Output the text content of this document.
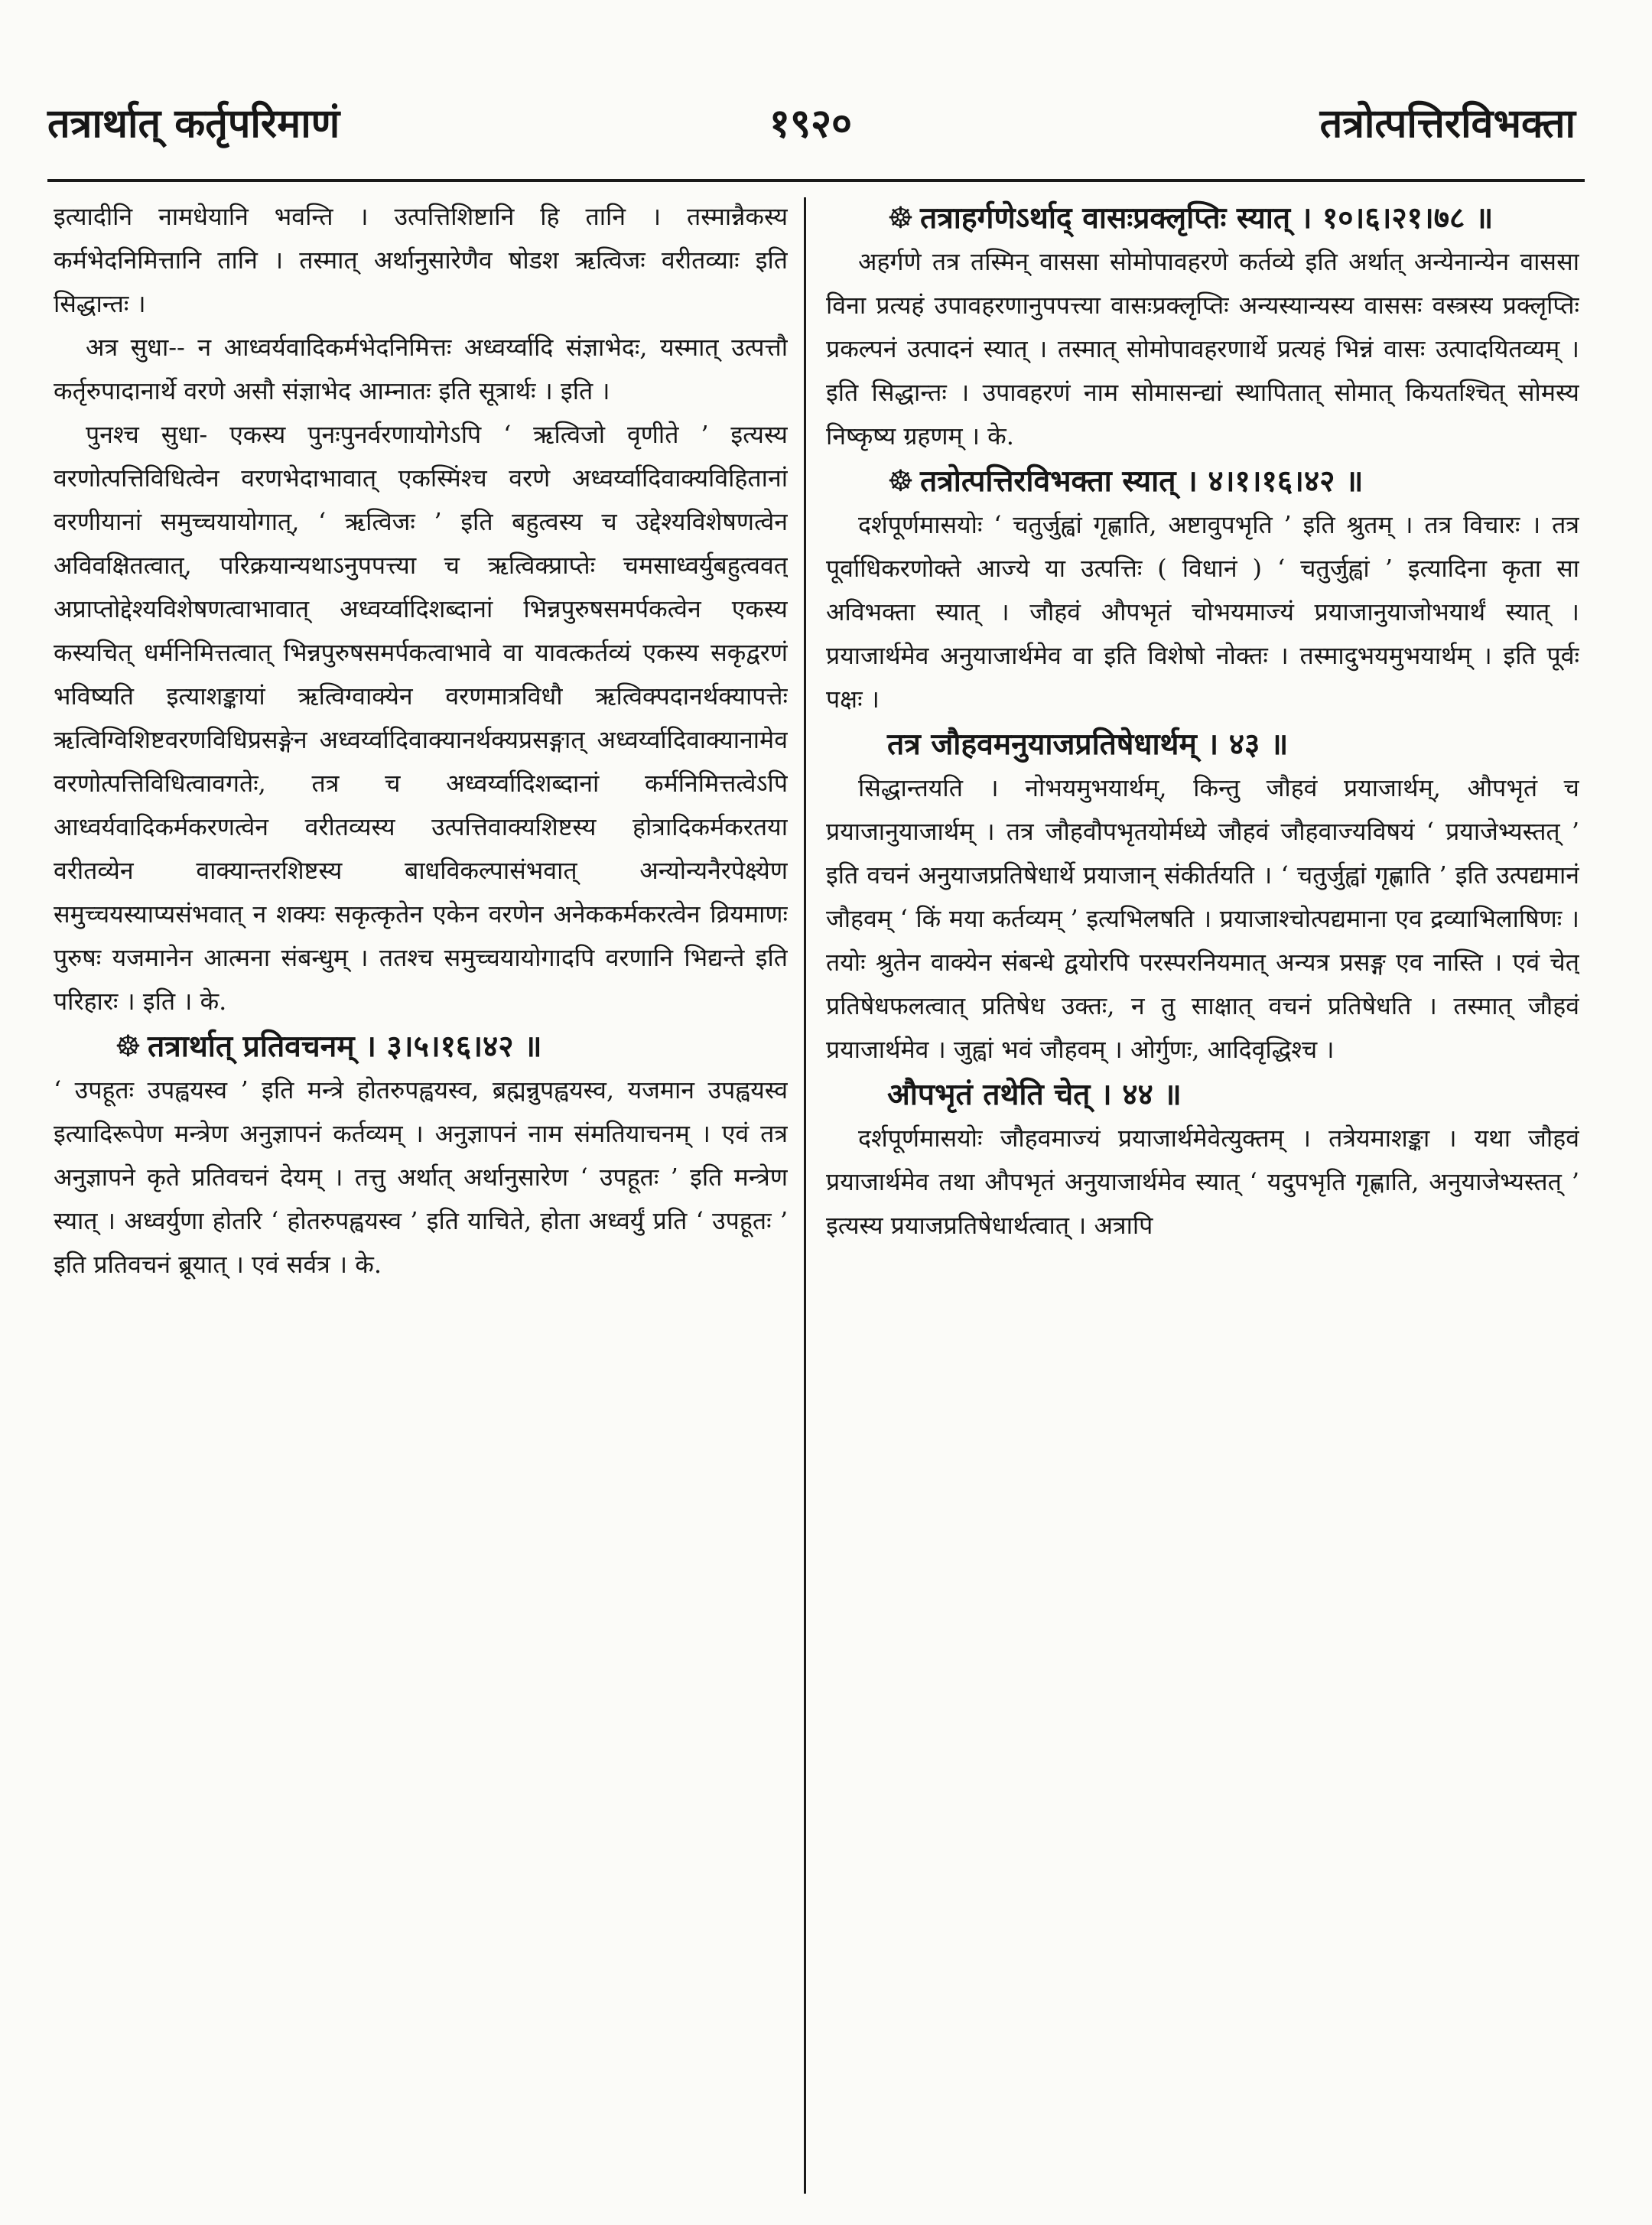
तत्रार्थात् कर्तृपरिमाणं	१९२०	तत्रोत्पत्तिरविभक्ता

इत्यादीनि नामधेयानि भवन्ति । उत्पत्तिशिष्टानि हि तानि । तस्मान्नैकस्य कर्मभेदनिमित्तानि तानि । तस्मात् अर्थानुसारेणैव षोडश ऋत्विजः वरीतव्याः इति सिद्धान्तः ।

अत्र सुधा-- न आध्वर्यवादिकर्मभेदनिमित्तः अध्वर्य्वादि संज्ञाभेदः, यस्मात् उत्पत्तौ कर्तृरुपादानार्थे वरणे असौ संज्ञाभेद आम्नातः इति सूत्रार्थः । इति ।

पुनश्च सुधा- एकस्य पुनःपुनर्वरणायोगेऽपि ‘ ऋत्विजो वृणीते ’ इत्यस्य वरणोत्पत्तिविधित्वेन वरणभेदाभावात् एकस्मिंश्च वरणे अध्वर्य्वादिवाक्यविहितानां वरणीयानां समुच्चयायोगात्, ‘ ऋत्विजः ’ इति बहुत्वस्य च उद्देश्यविशेषणत्वेन अविवक्षितत्वात्, परिक्रयान्यथाऽनुपपत्त्या च ऋत्विक्प्राप्तेः चमसाध्वर्युबहुत्ववत् अप्राप्तोद्देश्यविशेषणत्वाभावात् अध्वर्य्वादिशब्दानां भिन्नपुरुषसमर्पकत्वेन एकस्य कस्यचित् धर्मनिमित्तत्वात् भिन्नपुरुषसमर्पकत्वाभावे वा यावत्कर्तव्यं एकस्य सकृद्वरणं भविष्यति इत्याशङ्कायां ऋत्विग्वाक्येन वरणमात्रविधौ ऋत्विक्पदानर्थक्यापत्तेः ऋत्विग्विशिष्टवरणविधिप्रसङ्गेन अध्वर्य्वादिवाक्यानर्थक्यप्रसङ्गात् अध्वर्य्वादिवाक्यानामेव वरणोत्पत्तिविधित्वावगतेः, तत्र च अध्वर्य्वादिशब्दानां कर्मनिमित्तत्वेऽपि आध्वर्यवादिकर्मकरणत्वेन वरीतव्यस्य उत्पत्तिवाक्यशिष्टस्य होत्रादिकर्मकरतया वरीतव्येन वाक्यान्तरशिष्टस्य बाधविकल्पासंभवात् अन्योन्यनैरपेक्ष्येण समुच्चयस्याप्यसंभवात् न शक्यः सकृत्कृतेन एकेन वरणेन अनेककर्मकरत्वेन व्रियमाणः पुरुषः यजमानेन आत्मना संबन्धुम् । ततश्च समुच्चयायोगादपि वरणानि भिद्यन्ते इति परिहारः । इति । के.

☸ तत्रार्थात् प्रतिवचनम् । ३।५।१६।४२ ॥

‘ उपहूतः उपह्वयस्व ’ इति मन्त्रे होतरुपह्वयस्व, ब्रह्मन्नुपह्वयस्व, यजमान उपह्वयस्व इत्यादिरूपेण मन्त्रेण अनुज्ञापनं कर्तव्यम् । अनुज्ञापनं नाम संमतियाचनम् । एवं तत्र अनुज्ञापने कृते प्रतिवचनं देयम् । तत्तु अर्थात् अर्थानुसारेण ‘ उपहूतः ’ इति मन्त्रेण स्यात् । अध्वर्युणा होतरि ‘ होतरुपह्वयस्व ’ इति याचिते, होता अध्वर्युं प्रति ‘ उपहूतः ’ इति प्रतिवचनं ब्रूयात् । एवं सर्वत्र । के.

☸ तत्राहर्गणेऽर्थाद् वासःप्रक्लृप्तिः स्यात् । १०।६।२१।७८ ॥

अहर्गणे तत्र तस्मिन् वाससा सोमोपावहरणे कर्तव्ये इति अर्थात् अन्येनान्येन वाससा विना प्रत्यहं उपावहरणानुपपत्त्या वासःप्रक्लृप्तिः अन्यस्यान्यस्य वाससः वस्त्रस्य प्रक्लृप्तिः प्रकल्पनं उत्पादनं स्यात् । तस्मात् सोमोपावहरणार्थे प्रत्यहं भिन्नं वासः उत्पादयितव्यम् । इति सिद्धान्तः । उपावहरणं नाम सोमासन्द्यां स्थापितात् सोमात् कियतश्चित् सोमस्य निष्कृष्य ग्रहणम् । के.

☸ तत्रोत्पत्तिरविभक्ता स्यात् । ४।१।१६।४२ ॥

दर्शपूर्णमासयोः ‘ चतुर्जुह्वां गृह्णाति, अष्टावुपभृति ’ इति श्रुतम् । तत्र विचारः । तत्र पूर्वाधिकरणोक्ते आज्ये या उत्पत्तिः ( विधानं ) ‘ चतुर्जुह्वां ’ इत्यादिना कृता सा अविभक्ता स्यात् । जौहवं औपभृतं चोभयमाज्यं प्रयाजानुयाजोभयार्थं स्यात् । प्रयाजार्थमेव अनुयाजार्थमेव वा इति विशेषो नोक्तः । तस्मादुभयमुभयार्थम् । इति पूर्वः पक्षः ।

तत्र जौहवमनुयाजप्रतिषेधार्थम् । ४३ ॥

सिद्धान्तयति । नोभयमुभयार्थम्, किन्तु जौहवं प्रयाजार्थम्, औपभृतं च प्रयाजानुयाजार्थम् । तत्र जौहवौपभृतयोर्मध्ये जौहवं जौहवाज्यविषयं ‘ प्रयाजेभ्यस्तत् ’ इति वचनं अनुयाजप्रतिषेधार्थे प्रयाजान् संकीर्तयति । ‘ चतुर्जुह्वां गृह्णाति ’ इति उत्पद्यमानं जौहवम् ‘ किं मया कर्तव्यम् ’ इत्यभिलषति । प्रयाजाश्चोत्पद्यमाना एव द्रव्याभिलाषिणः । तयोः श्रुतेन वाक्येन संबन्धे द्वयोरपि परस्परनियमात् अन्यत्र प्रसङ्ग एव नास्ति । एवं चेत् प्रतिषेधफलत्वात् प्रतिषेध उक्तः, न तु साक्षात् वचनं प्रतिषेधति । तस्मात् जौहवं प्रयाजार्थमेव । जुह्वां भवं जौहवम् । ओर्गुणः, आदिवृद्धिश्च ।

औपभृतं तथेति चेत् । ४४ ॥

दर्शपूर्णमासयोः जौहवमाज्यं प्रयाजार्थमेवेत्युक्तम् । तत्रेयमाशङ्का । यथा जौहवं प्रयाजार्थमेव तथा औपभृतं अनुयाजार्थमेव स्यात् ‘ यदुपभृति गृह्णाति, अनुयाजेभ्यस्तत् ’ इत्यस्य प्रयाजप्रतिषेधार्थत्वात् । अत्रापि
